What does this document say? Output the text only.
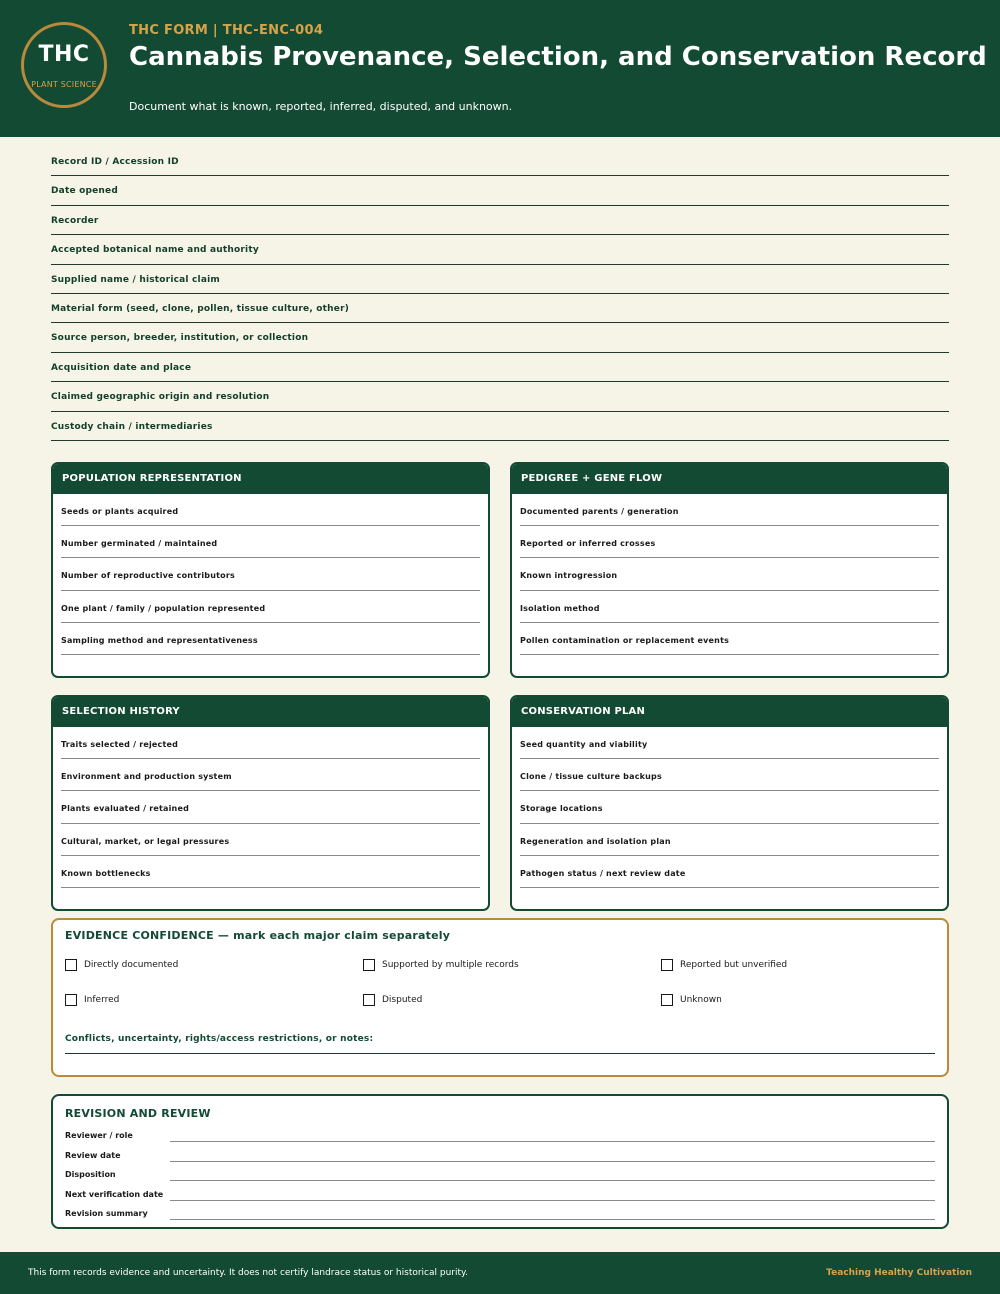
THC
PLANT SCIENCE
THC FORM | THC-ENC-004
Cannabis Provenance, Selection, and Conservation Record
Document what is known, reported, inferred, disputed, and unknown.
Record ID / Accession ID
Date opened
Recorder
Accepted botanical name and authority
Supplied name / historical claim
Material form (seed, clone, pollen, tissue culture, other)
Source person, breeder, institution, or collection
Acquisition date and place
Claimed geographic origin and resolution
Custody chain / intermediaries
POPULATION REPRESENTATION
Seeds or plants acquired
Number germinated / maintained
Number of reproductive contributors
One plant / family / population represented
Sampling method and representativeness
PEDIGREE + GENE FLOW
Documented parents / generation
Reported or inferred crosses
Known introgression
Isolation method
Pollen contamination or replacement events
SELECTION HISTORY
Traits selected / rejected
Environment and production system
Plants evaluated / retained
Cultural, market, or legal pressures
Known bottlenecks
CONSERVATION PLAN
Seed quantity and viability
Clone / tissue culture backups
Storage locations
Regeneration and isolation plan
Pathogen status / next review date
EVIDENCE CONFIDENCE — mark each major claim separately
Directly documented	Supported by multiple records	Reported but unverified
Inferred	Disputed	Unknown
Conflicts, uncertainty, rights/access restrictions, or notes:
REVISION AND REVIEW
Reviewer / role
Review date
Disposition
Next verification date
Revision summary
This form records evidence and uncertainty. It does not certify landrace status or historical purity.	Teaching Healthy Cultivation
